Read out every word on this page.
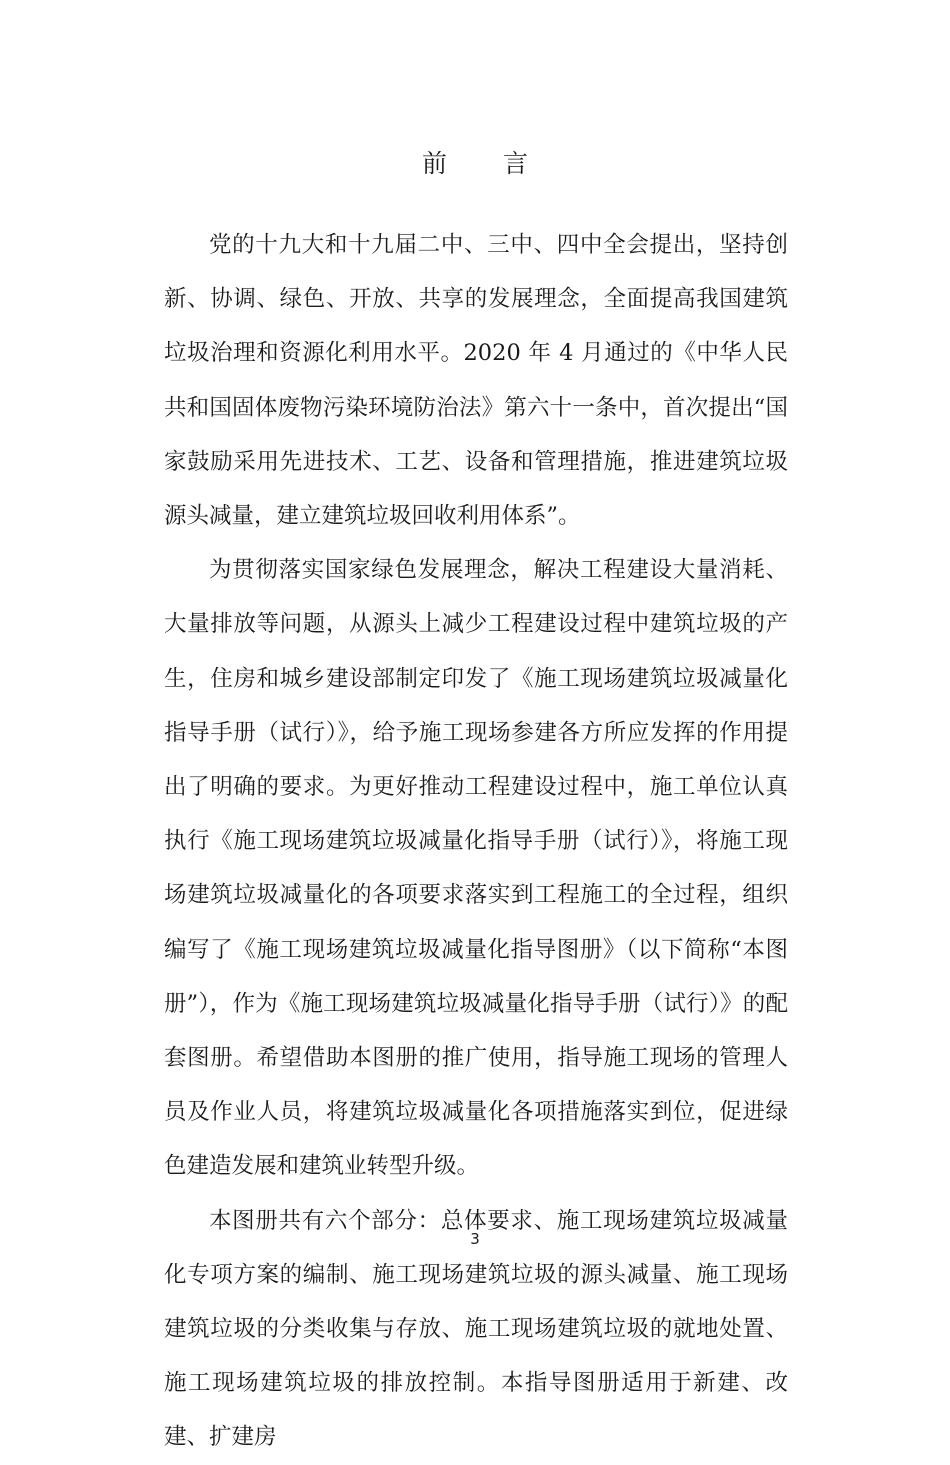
前 言

党的十九大和十九届二中、三中、四中全会提出，坚持创新、协调、绿色、开放、共享的发展理念，全面提高我国建筑垃圾治理和资源化利用水平。2020 年 4 月通过的《中华人民共和国固体废物污染环境防治法》第六十一条中，首次提出“国家鼓励采用先进技术、工艺、设备和管理措施，推进建筑垃圾源头减量，建立建筑垃圾回收利用体系”。

为贯彻落实国家绿色发展理念，解决工程建设大量消耗、大量排放等问题，从源头上减少工程建设过程中建筑垃圾的产生，住房和城乡建设部制定印发了《施工现场建筑垃圾减量化指导手册（试行）》，给予施工现场参建各方所应发挥的作用提出了明确的要求。为更好推动工程建设过程中，施工单位认真执行《施工现场建筑垃圾减量化指导手册（试行）》，将施工现场建筑垃圾减量化的各项要求落实到工程施工的全过程，组织编写了《施工现场建筑垃圾减量化指导图册》（以下简称“本图册”），作为《施工现场建筑垃圾减量化指导手册（试行）》的配套图册。希望借助本图册的推广使用，指导施工现场的管理人员及作业人员，将建筑垃圾减量化各项措施落实到位，促进绿色建造发展和建筑业转型升级。

本图册共有六个部分：总体要求、施工现场建筑垃圾减量化专项方案的编制、施工现场建筑垃圾的源头减量、施工现场建筑垃圾的分类收集与存放、施工现场建筑垃圾的就地处置、施工现场建筑垃圾的排放控制。本指导图册适用于新建、改建、扩建房

3
